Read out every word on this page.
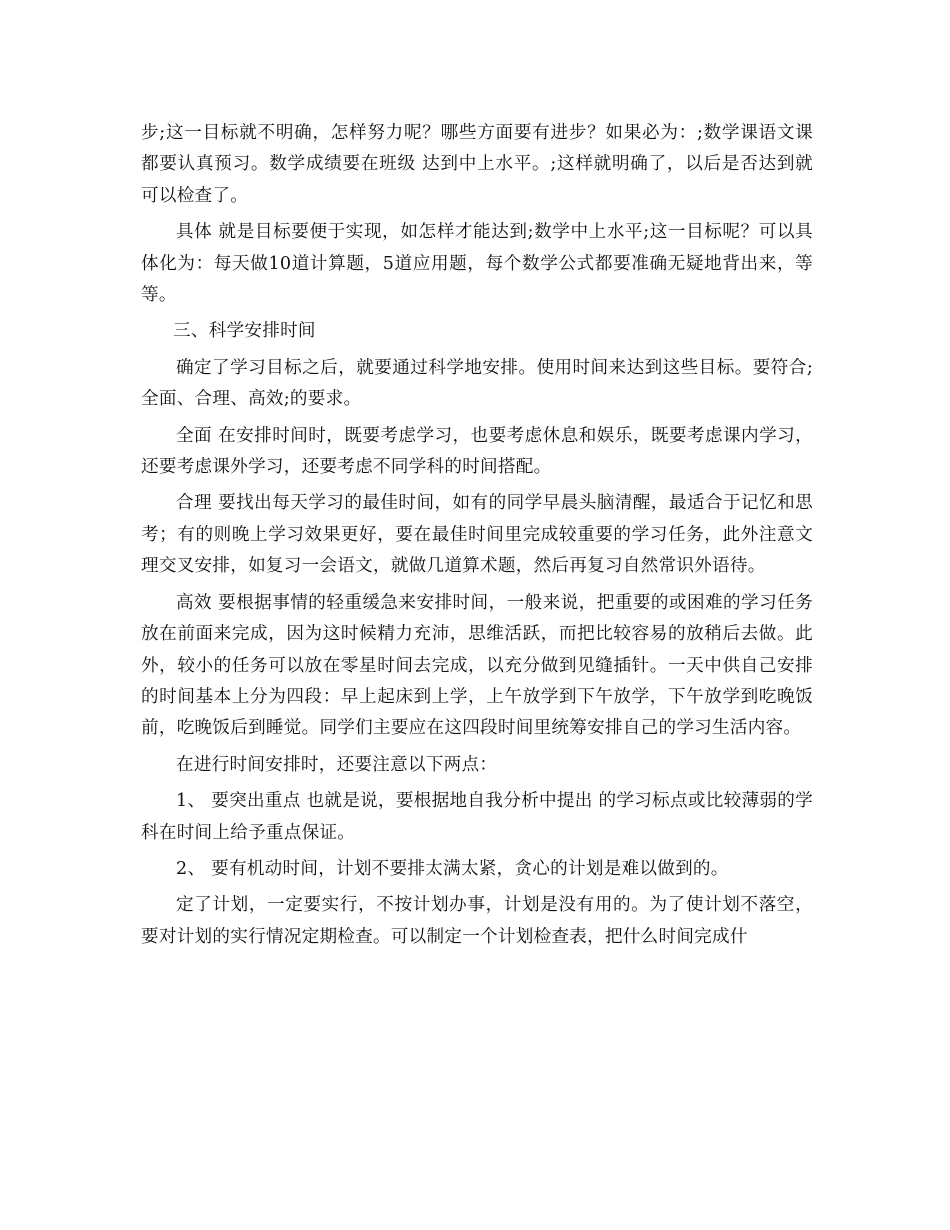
步;这一目标就不明确，怎样努力呢？哪些方面要有进步？如果必为：;数学课语文课都要认真预习。数学成绩要在班级 达到中上水平。;这样就明确了，以后是否达到就可以检查了。

具体 就是目标要便于实现，如怎样才能达到;数学中上水平;这一目标呢？可以具体化为：每天做10道计算题，5道应用题，每个数学公式都要准确无疑地背出来，等等。

三、科学安排时间

确定了学习目标之后，就要通过科学地安排。使用时间来达到这些目标。要符合;全面、合理、高效;的要求。

全面 在安排时间时，既要考虑学习，也要考虑休息和娱乐，既要考虑课内学习，还要考虑课外学习，还要考虑不同学科的时间搭配。

合理 要找出每天学习的最佳时间，如有的同学早晨头脑清醒，最适合于记忆和思考；有的则晚上学习效果更好，要在最佳时间里完成较重要的学习任务，此外注意文理交叉安排，如复习一会语文，就做几道算术题，然后再复习自然常识外语待。

高效 要根据事情的轻重缓急来安排时间，一般来说，把重要的或困难的学习任务放在前面来完成，因为这时候精力充沛，思维活跃，而把比较容易的放稍后去做。此外，较小的任务可以放在零星时间去完成，以充分做到见缝插针。一天中供自己安排的时间基本上分为四段：早上起床到上学，上午放学到下午放学，下午放学到吃晚饭前，吃晚饭后到睡觉。同学们主要应在这四段时间里统筹安排自己的学习生活内容。

在进行时间安排时，还要注意以下两点：

1、 要突出重点 也就是说，要根据地自我分析中提出 的学习标点或比较薄弱的学科在时间上给予重点保证。

2、 要有机动时间，计划不要排太满太紧，贪心的计划是难以做到的。

定了计划，一定要实行，不按计划办事，计划是没有用的。为了使计划不落空，要对计划的实行情况定期检查。可以制定一个计划检查表，把什么时间完成什
